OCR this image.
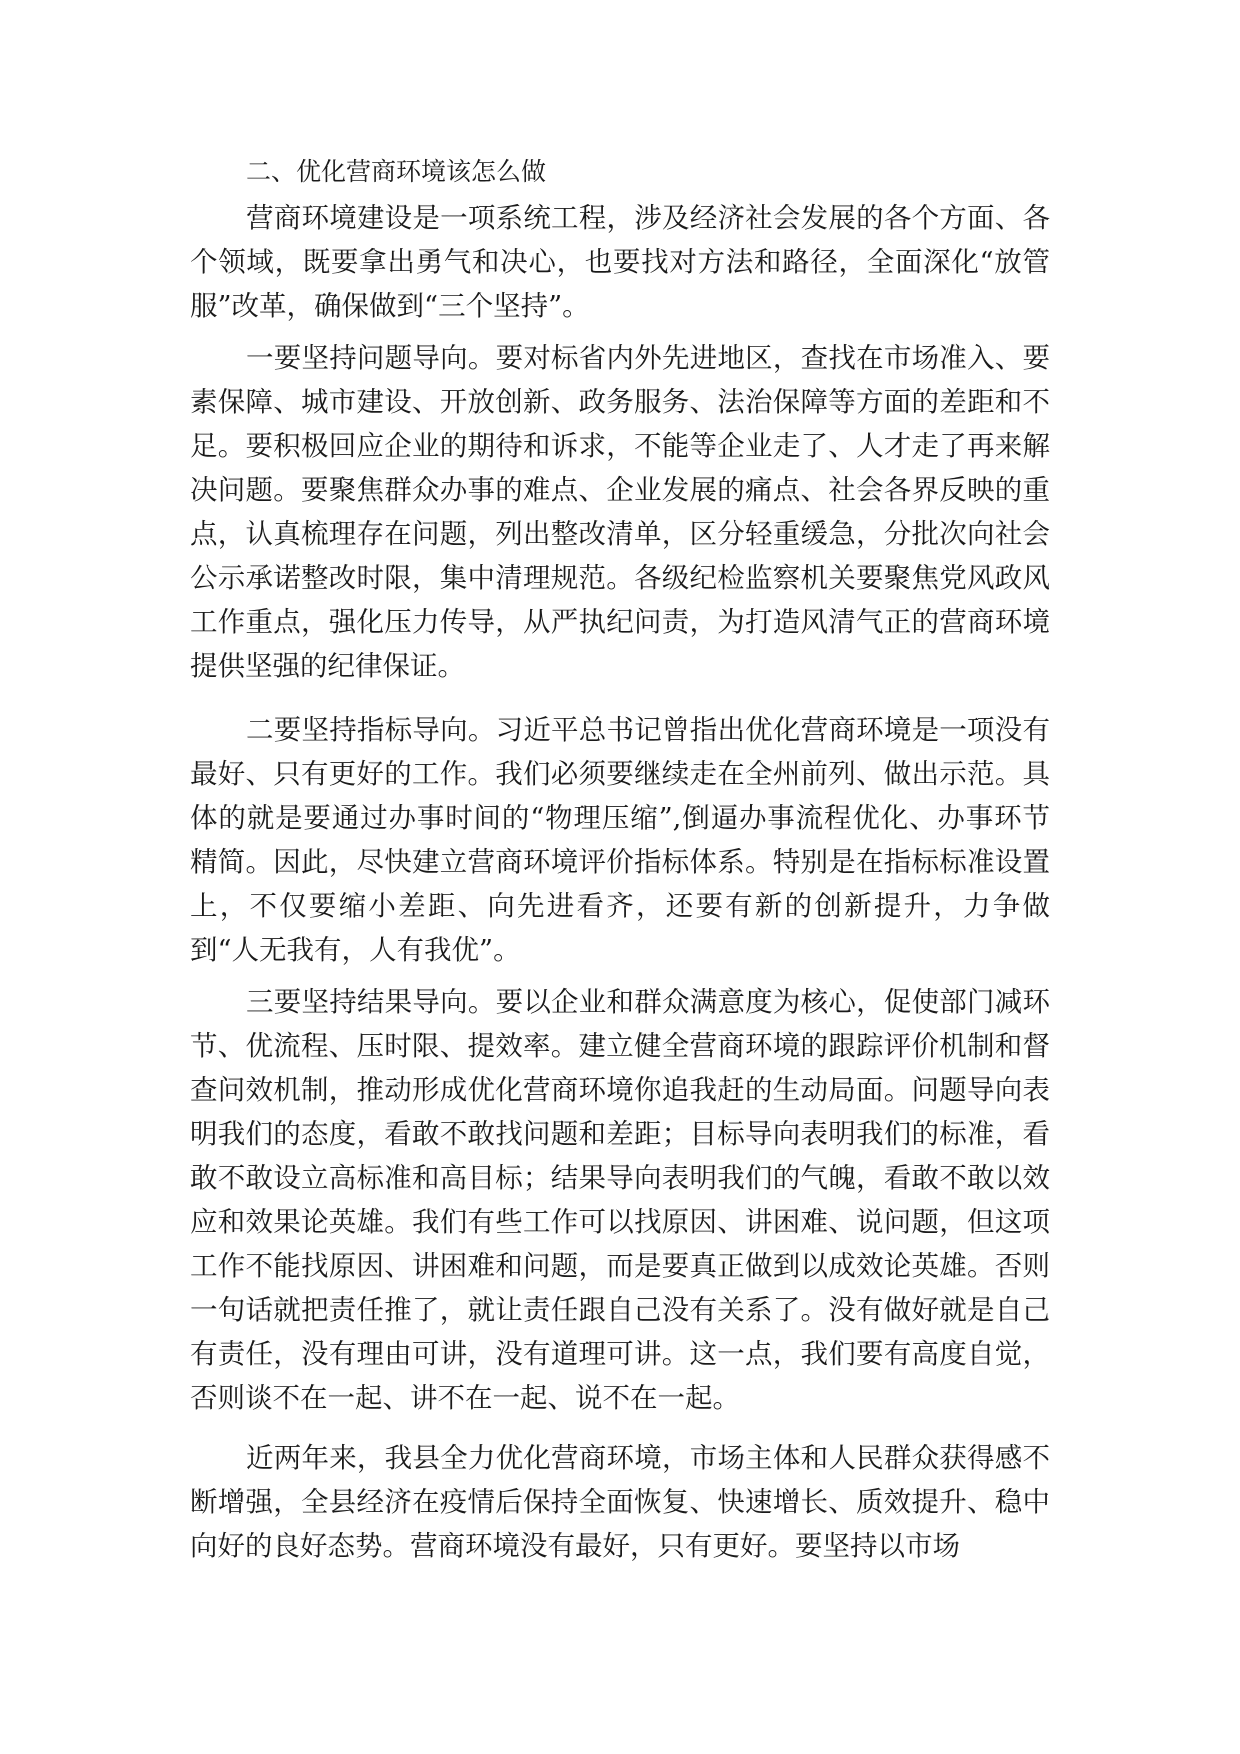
二、优化营商环境该怎么做

营商环境建设是一项系统工程，涉及经济社会发展的各个方面、各个领域，既要拿出勇气和决心，也要找对方法和路径，全面深化“放管服”改革，确保做到“三个坚持”。

一要坚持问题导向。要对标省内外先进地区，查找在市场准入、要素保障、城市建设、开放创新、政务服务、法治保障等方面的差距和不足。要积极回应企业的期待和诉求，不能等企业走了、人才走了再来解决问题。要聚焦群众办事的难点、企业发展的痛点、社会各界反映的重点，认真梳理存在问题，列出整改清单，区分轻重缓急，分批次向社会公示承诺整改时限，集中清理规范。各级纪检监察机关要聚焦党风政风工作重点，强化压力传导，从严执纪问责，为打造风清气正的营商环境提供坚强的纪律保证。

二要坚持指标导向。习近平总书记曾指出优化营商环境是一项没有最好、只有更好的工作。我们必须要继续走在全州前列、做出示范。具体的就是要通过办事时间的“物理压缩”,倒逼办事流程优化、办事环节精简。因此，尽快建立营商环境评价指标体系。特别是在指标标准设置上，不仅要缩小差距、向先进看齐，还要有新的创新提升，力争做到“人无我有，人有我优”。

三要坚持结果导向。要以企业和群众满意度为核心，促使部门减环节、优流程、压时限、提效率。建立健全营商环境的跟踪评价机制和督查问效机制，推动形成优化营商环境你追我赶的生动局面。问题导向表明我们的态度，看敢不敢找问题和差距；目标导向表明我们的标准，看敢不敢设立高标准和高目标；结果导向表明我们的气魄，看敢不敢以效应和效果论英雄。我们有些工作可以找原因、讲困难、说问题，但这项工作不能找原因、讲困难和问题，而是要真正做到以成效论英雄。否则一句话就把责任推了，就让责任跟自己没有关系了。没有做好就是自己有责任，没有理由可讲，没有道理可讲。这一点，我们要有高度自觉，否则谈不在一起、讲不在一起、说不在一起。

近两年来，我县全力优化营商环境，市场主体和人民群众获得感不断增强，全县经济在疫情后保持全面恢复、快速增长、质效提升、稳中向好的良好态势。营商环境没有最好，只有更好。要坚持以市场
